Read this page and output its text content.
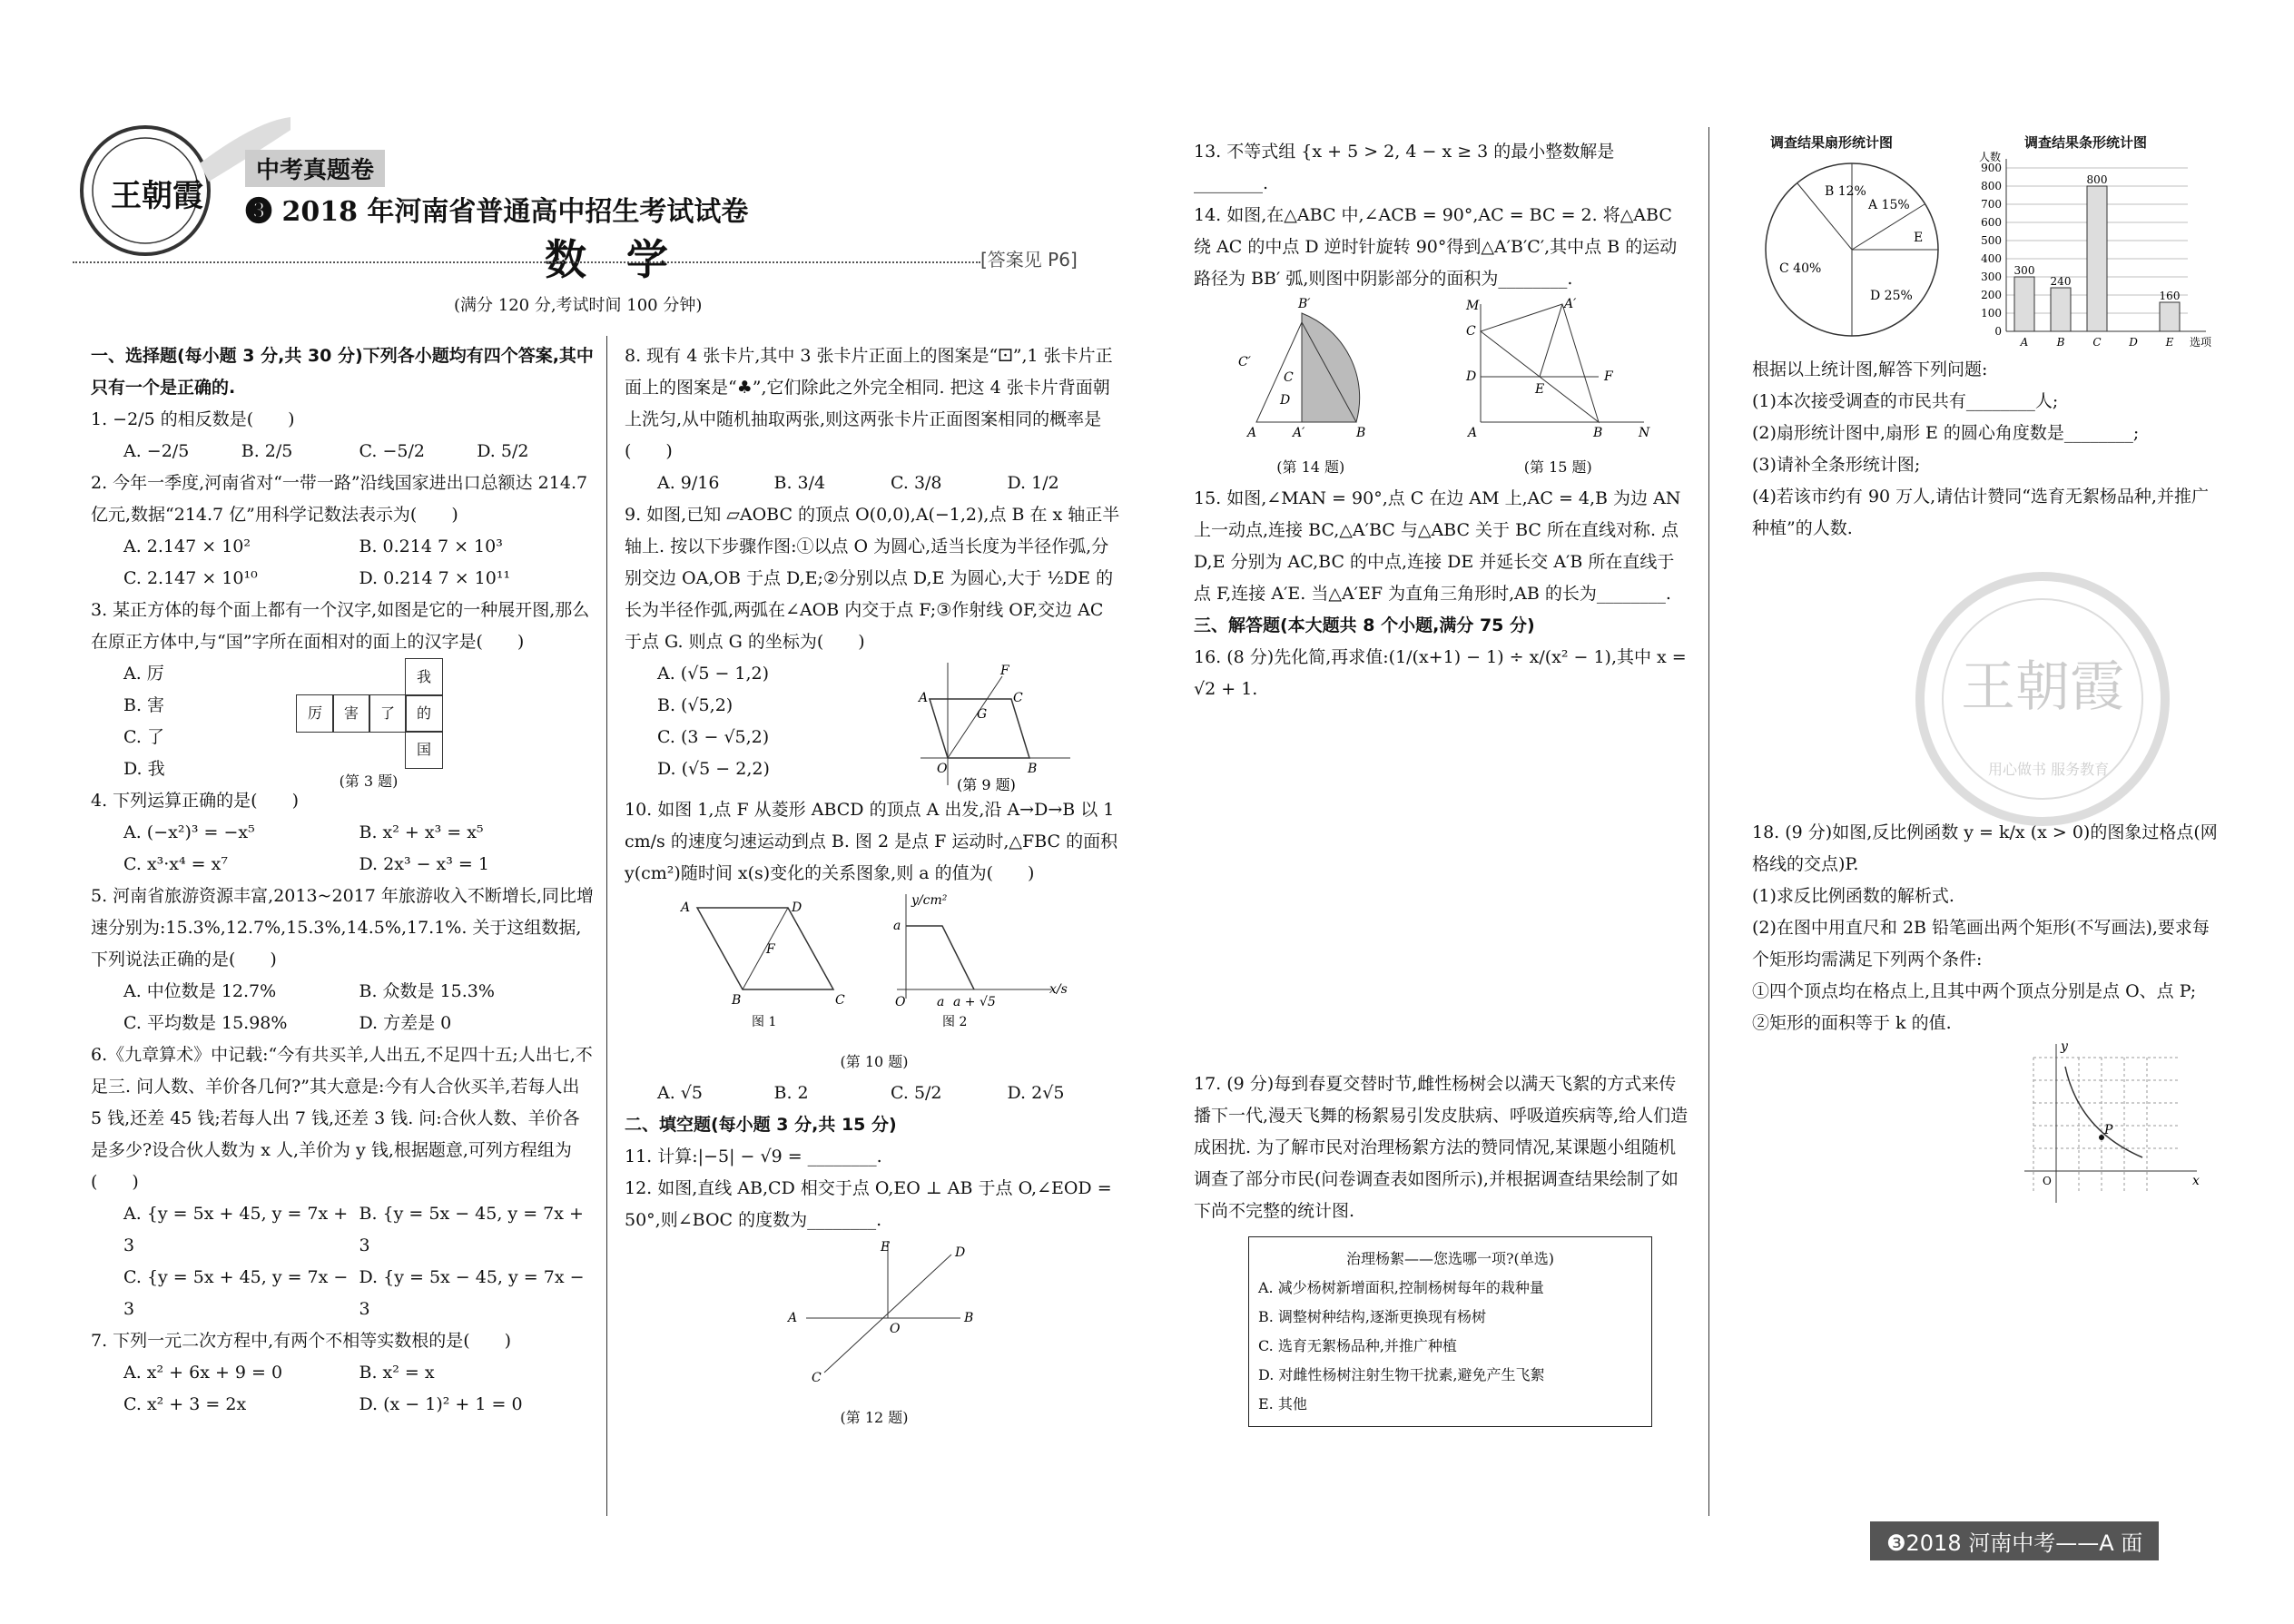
王朝霞
中考真题卷
❸ 2018 年河南省普通高中招生考试试卷
数 学	[答案见 P6]
(满分 120 分,考试时间 100 分钟)

一、选择题(每小题 3 分,共 30 分)下列各小题均有四个答案,其中只有一个是正确的.

1. −2/5 的相反数是(　　)

A. −2/5	B. 2/5	C. −5/2	D. 5/2

2. 今年一季度,河南省对“一带一路”沿线国家进出口总额达 214.7 亿元,数据“214.7 亿”用科学记数法表示为(　　)

A. 2.147 × 10²	B. 0.214 7 × 10³
C. 2.147 × 10¹⁰	D. 0.214 7 × 10¹¹

3. 某正方体的每个面上都有一个汉字,如图是它的一种展开图,那么在原正方体中,与“国”字所在面相对的面上的汉字是(　　)

A. 厉
B. 害
C. 了
D. 我
我
厉	害	了	的
国
(第 3 题)

4. 下列运算正确的是(　　)

A. (−x²)³ = −x⁵	B. x² + x³ = x⁵
C. x³·x⁴ = x⁷	D. 2x³ − x³ = 1

5. 河南省旅游资源丰富,2013~2017 年旅游收入不断增长,同比增速分别为:15.3%,12.7%,15.3%,14.5%,17.1%. 关于这组数据,下列说法正确的是(　　)

A. 中位数是 12.7%	B. 众数是 15.3%
C. 平均数是 15.98%	D. 方差是 0

6.《九章算术》中记载:“今有共买羊,人出五,不足四十五;人出七,不足三. 问人数、羊价各几何?”其大意是:今有人合伙买羊,若每人出 5 钱,还差 45 钱;若每人出 7 钱,还差 3 钱. 问:合伙人数、羊价各是多少?设合伙人数为 x 人,羊价为 y 钱,根据题意,可列方程组为(　　)

A. {y = 5x + 45, y = 7x + 3
B. {y = 5x − 45, y = 7x + 3
C. {y = 5x + 45, y = 7x − 3
D. {y = 5x − 45, y = 7x − 3

7. 下列一元二次方程中,有两个不相等实数根的是(　　)

A. x² + 6x + 9 = 0	B. x² = x
C. x² + 3 = 2x	D. (x − 1)² + 1 = 0

8. 现有 4 张卡片,其中 3 张卡片正面上的图案是“⚀”,1 张卡片正面上的图案是“♣”,它们除此之外完全相同. 把这 4 张卡片背面朝上洗匀,从中随机抽取两张,则这两张卡片正面图案相同的概率是(　　)

A. 9/16	B. 3/4	C. 3/8	D. 1/2

9. 如图,已知 ▱AOBC 的顶点 O(0,0),A(−1,2),点 B 在 x 轴正半轴上. 按以下步骤作图:①以点 O 为圆心,适当长度为半径作弧,分别交边 OA,OB 于点 D,E;②分别以点 D,E 为圆心,大于 ½DE 的长为半径作弧,两弧在∠AOB 内交于点 F;③作射线 OF,交边 AC 于点 G. 则点 G 的坐标为(　　)

A. (√5 − 1,2)
B. (√5,2)
C. (3 − √5,2)
D. (√5 − 2,2)
A
O	B
C
G
F
(第 9 题)

10. 如图 1,点 F 从菱形 ABCD 的顶点 A 出发,沿 A→D→B 以 1 cm/s 的速度匀速运动到点 B. 图 2 是点 F 运动时,△FBC 的面积 y(cm²)随时间 x(s)变化的关系图象,则 a 的值为(　　)

A	D
B	C
F
图 1
y/cm²
x/s
a
O a a + √5
图 2
(第 10 题)
A. √5	B. 2	C. 5/2	D. 2√5

二、填空题(每小题 3 分,共 15 分)

11. 计算:|−5| − √9 = ________.

12. 如图,直线 AB,CD 相交于点 O,EO ⊥ AB 于点 O,∠EOD = 50°,则∠BOC 的度数为________.

A	B
E	D
C
O
(第 12 题)

13. 不等式组 {x + 5 > 2, 4 − x ≥ 3 的最小整数解是 ________.

14. 如图,在△ABC 中,∠ACB = 90°,AC = BC = 2. 将△ABC 绕 AC 的中点 D 逆时针旋转 90°得到△A′B′C′,其中点 B 的运动路径为 BB′ 弧,则图中阴影部分的面积为________.

B′
C′
C
D
A	A′	B
(第 14 题)
M
C
D
A	B	N
A′
E
F
(第 15 题)

15. 如图,∠MAN = 90°,点 C 在边 AM 上,AC = 4,B 为边 AN 上一动点,连接 BC,△A′BC 与△ABC 关于 BC 所在直线对称. 点 D,E 分别为 AC,BC 的中点,连接 DE 并延长交 A′B 所在直线于点 F,连接 A′E. 当△A′EF 为直角三角形时,AB 的长为________.

三、解答题(本大题共 8 个小题,满分 75 分)

16. (8 分)先化简,再求值:(1/(x+1) − 1) ÷ x/(x² − 1),其中 x = √2 + 1.

17. (9 分)每到春夏交替时节,雌性杨树会以满天飞絮的方式来传播下一代,漫天飞舞的杨絮易引发皮肤病、呼吸道疾病等,给人们造成困扰. 为了解市民对治理杨絮方法的赞同情况,某课题小组随机调查了部分市民(问卷调查表如图所示),并根据调查结果绘制了如下尚不完整的统计图.

治理杨絮——您选哪一项?(单选)
A. 减少杨树新增面积,控制杨树每年的栽种量
B. 调整树种结构,逐渐更换现有杨树
C. 选育无絮杨品种,并推广种植
D. 对雌性杨树注射生物干扰素,避免产生飞絮
E. 其他
调查结果扇形统计图
B 12%
A 15%
C 40%
D 25%
E
调查结果条形统计图
0
100
200
300
400
500
600
700
800
900
人数
选项
300
A
240
B
800
C	D
160
E

根据以上统计图,解答下列问题:

(1)本次接受调查的市民共有________人;

(2)扇形统计图中,扇形 E 的圆心角度数是________;

(3)请补全条形统计图;

(4)若该市约有 90 万人,请估计赞同“选育无絮杨品种,并推广种植”的人数.

王朝霞
用心做书 服务教育

18. (9 分)如图,反比例函数 y = k/x (x > 0)的图象过格点(网格线的交点)P.

(1)求反比例函数的解析式.

(2)在图中用直尺和 2B 铅笔画出两个矩形(不写画法),要求每个矩形均需满足下列两个条件:

①四个顶点均在格点上,且其中两个顶点分别是点 O、点 P;

②矩形的面积等于 k 的值.

P
y
x
O
❸2018 河南中考——A 面
